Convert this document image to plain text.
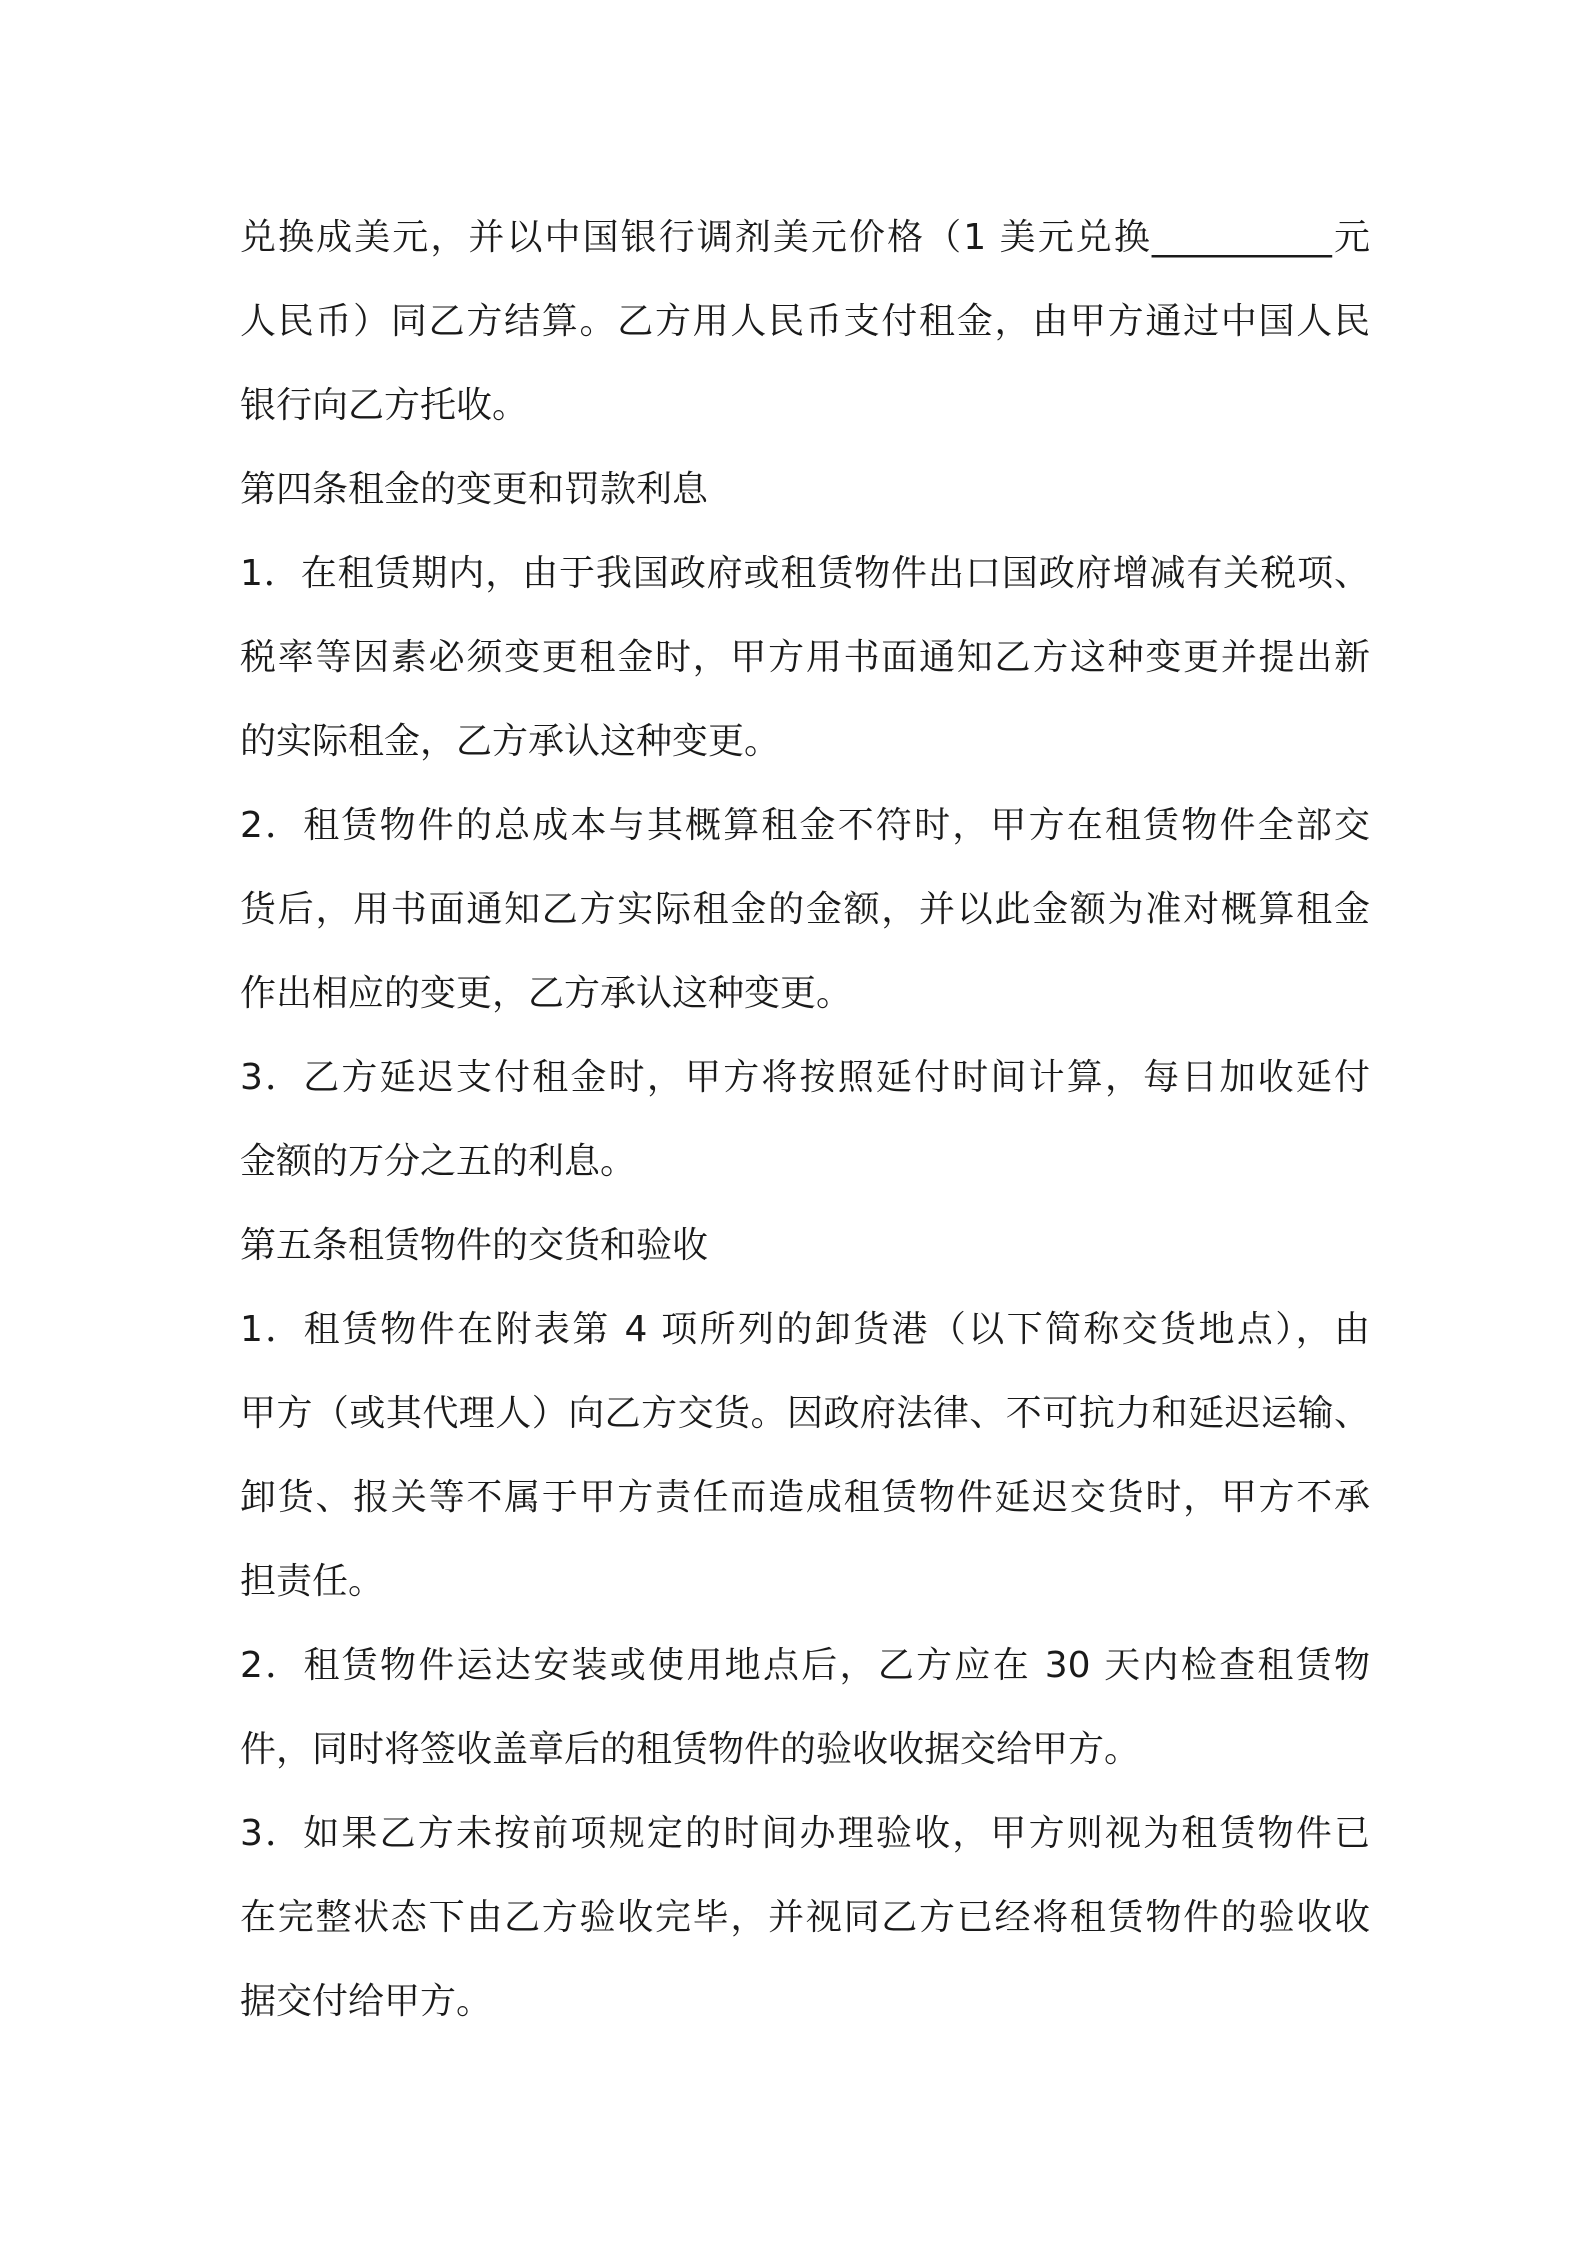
兑换成美元，并以中国银行调剂美元价格（1 美元兑换__________元
人民币）同乙方结算。乙方用人民币支付租金，由甲方通过中国人民
银行向乙方托收。
第四条租金的变更和罚款利息
1．在租赁期内，由于我国政府或租赁物件出口国政府增减有关税项、
税率等因素必须变更租金时，甲方用书面通知乙方这种变更并提出新
的实际租金，乙方承认这种变更。
2．租赁物件的总成本与其概算租金不符时，甲方在租赁物件全部交
货后，用书面通知乙方实际租金的金额，并以此金额为准对概算租金
作出相应的变更，乙方承认这种变更。
3．乙方延迟支付租金时，甲方将按照延付时间计算，每日加收延付
金额的万分之五的利息。
第五条租赁物件的交货和验收
1．租赁物件在附表第 4 项所列的卸货港（以下简称交货地点），由
甲方（或其代理人）向乙方交货。因政府法律、不可抗力和延迟运输、
卸货、报关等不属于甲方责任而造成租赁物件延迟交货时，甲方不承
担责任。
2．租赁物件运达安装或使用地点后，乙方应在 30 天内检查租赁物
件，同时将签收盖章后的租赁物件的验收收据交给甲方。
3．如果乙方未按前项规定的时间办理验收，甲方则视为租赁物件已
在完整状态下由乙方验收完毕，并视同乙方已经将租赁物件的验收收
据交付给甲方。
